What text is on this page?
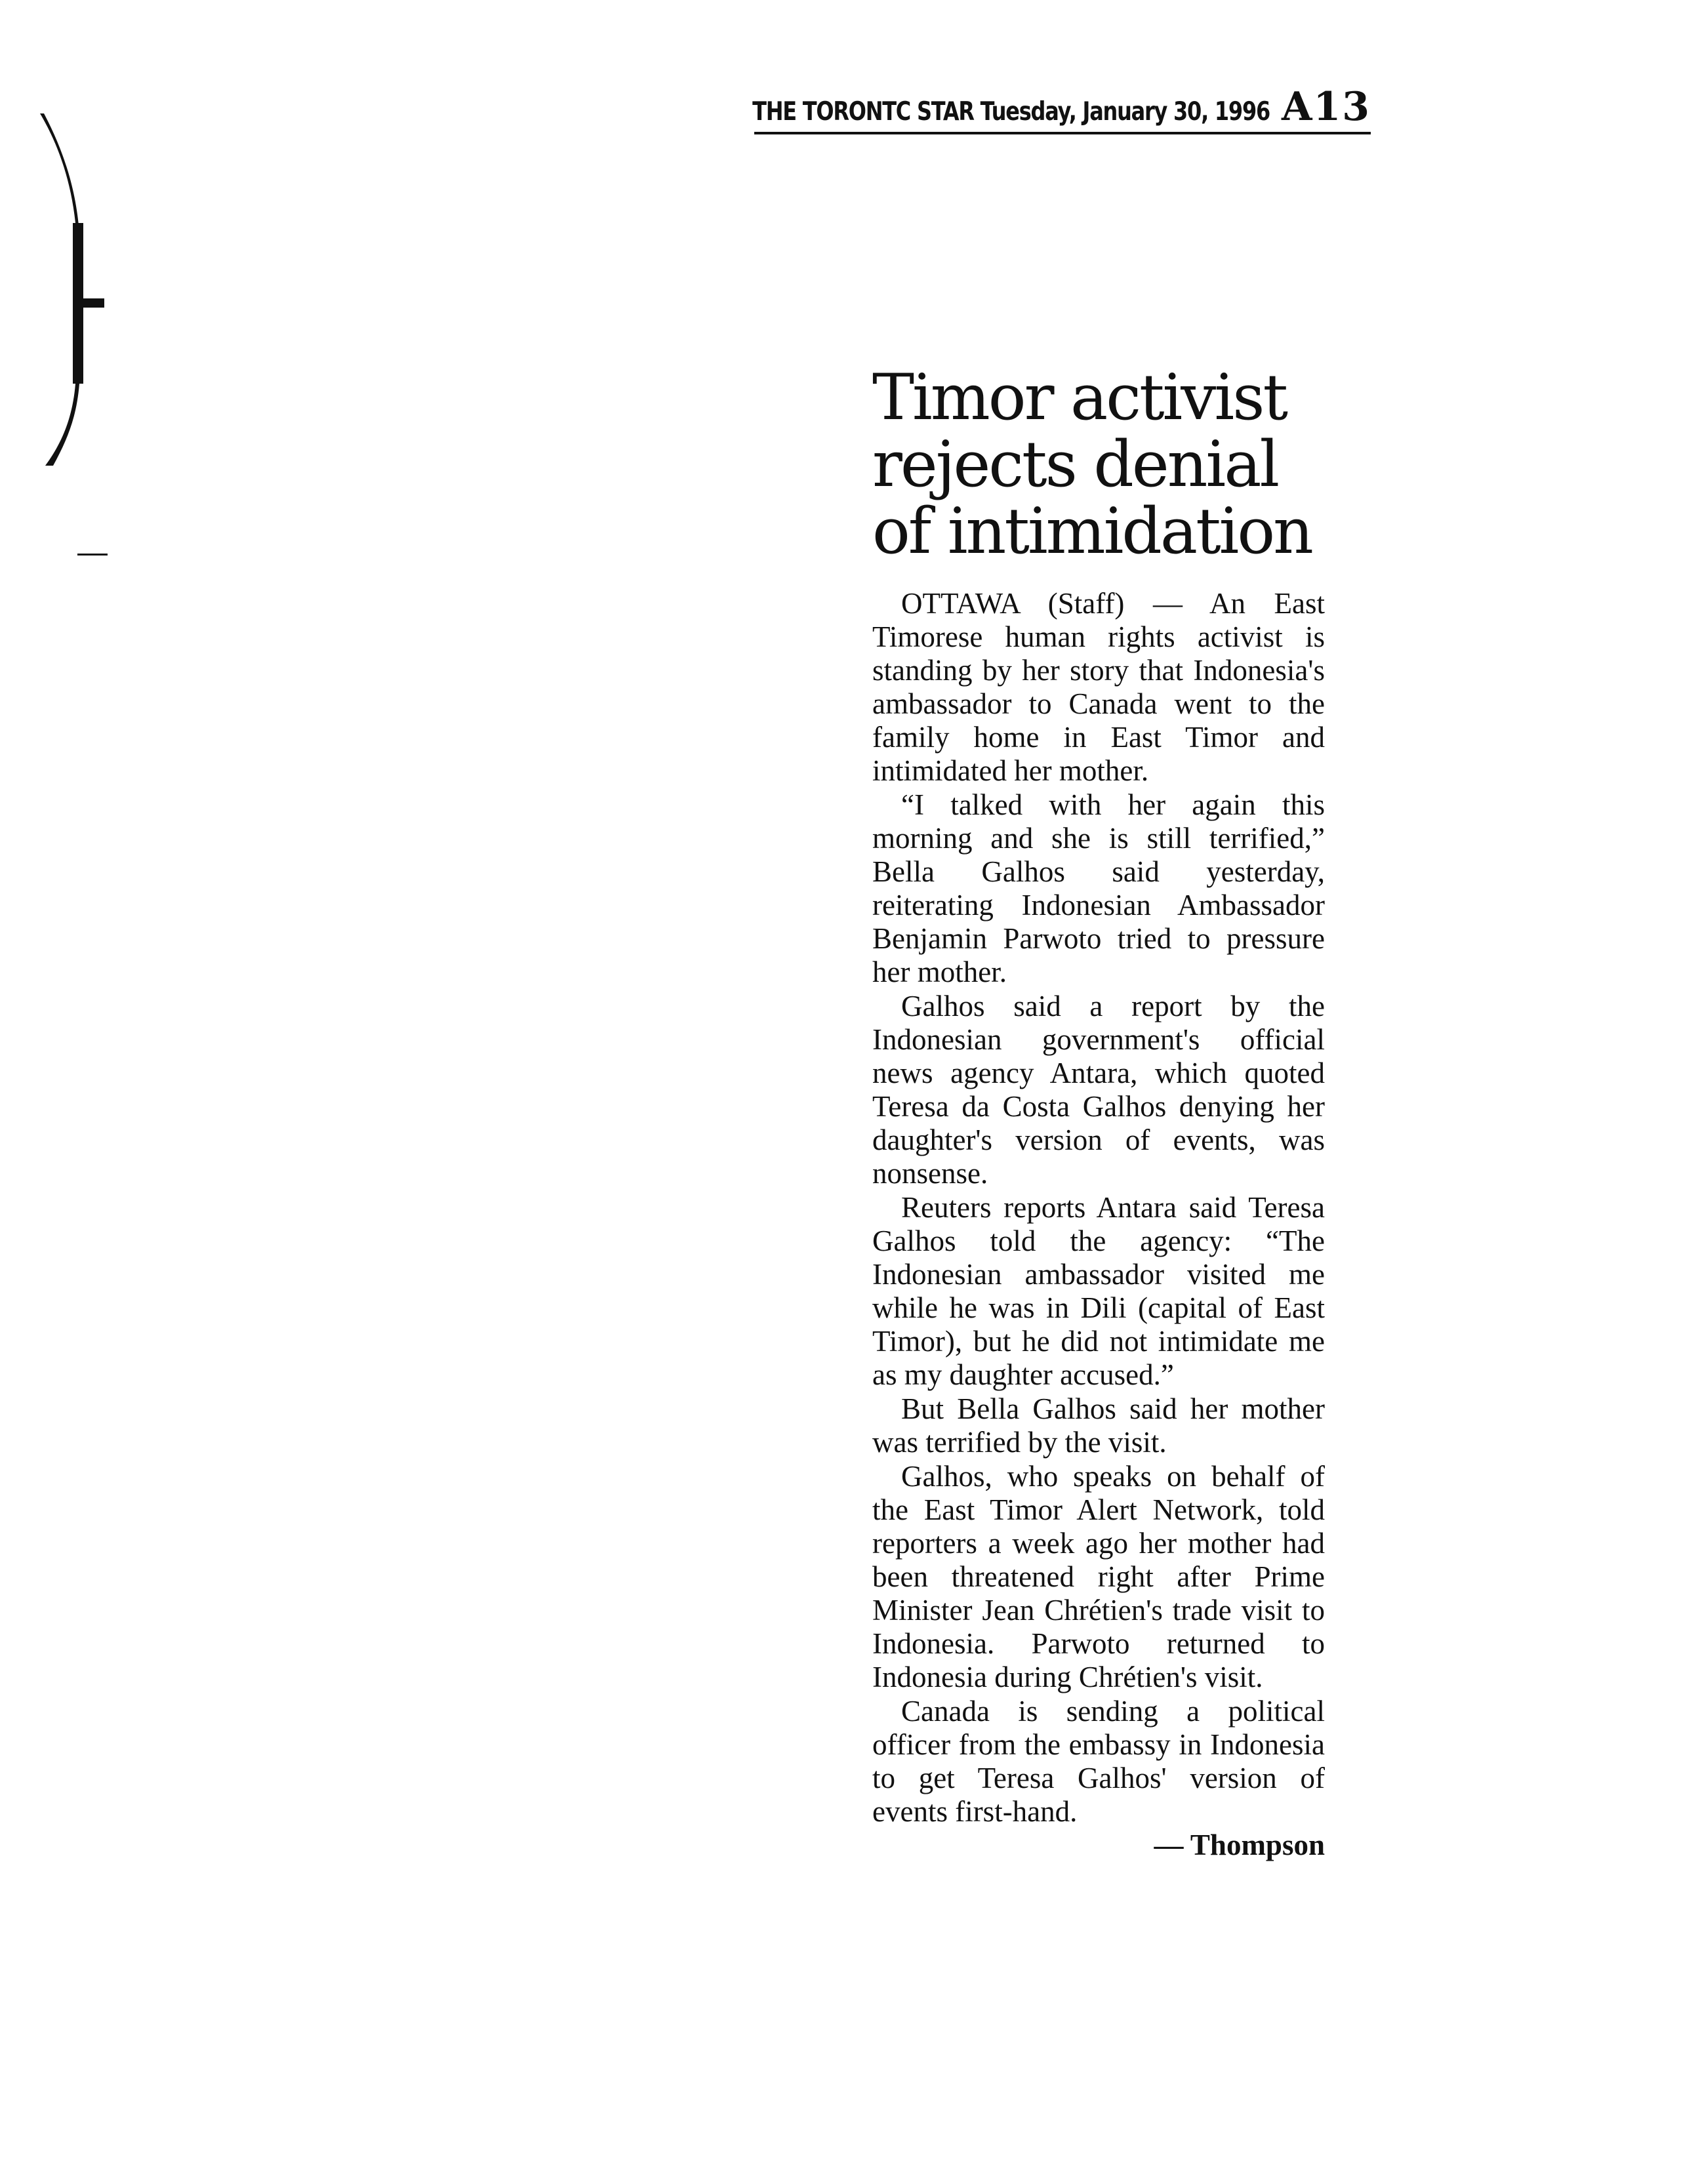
THE TORONTC STAR Tuesday, January 30, 1996 A13
Timor activist
rejects denial
of intimidation

OTTAWA (Staff) — An East Timorese human rights activist is standing by her story that Indonesia's ambassador to Canada went to the family home in East Timor and intimidated her mother.

“I talked with her again this morning and she is still terrified,” Bella Galhos said yesterday, reiterating Indonesian Ambassador Benjamin Parwoto tried to pressure her mother.

Galhos said a report by the Indonesian government's official news agency Antara, which quoted Teresa da Costa Galhos denying her daughter's version of events, was nonsense.

Reuters reports Antara said Teresa Galhos told the agency: “The Indonesian ambassador visited me while he was in Dili (capital of East Timor), but he did not intimidate me as my daughter accused.”

But Bella Galhos said her mother was terrified by the visit.

Galhos, who speaks on behalf of the East Timor Alert Network, told reporters a week ago her mother had been threatened right after Prime Minister Jean Chrétien's trade visit to Indonesia. Parwoto returned to Indonesia during Chrétien's visit.

Canada is sending a political officer from the embassy in Indonesia to get Teresa Galhos' version of events first-hand.

— Thompson
